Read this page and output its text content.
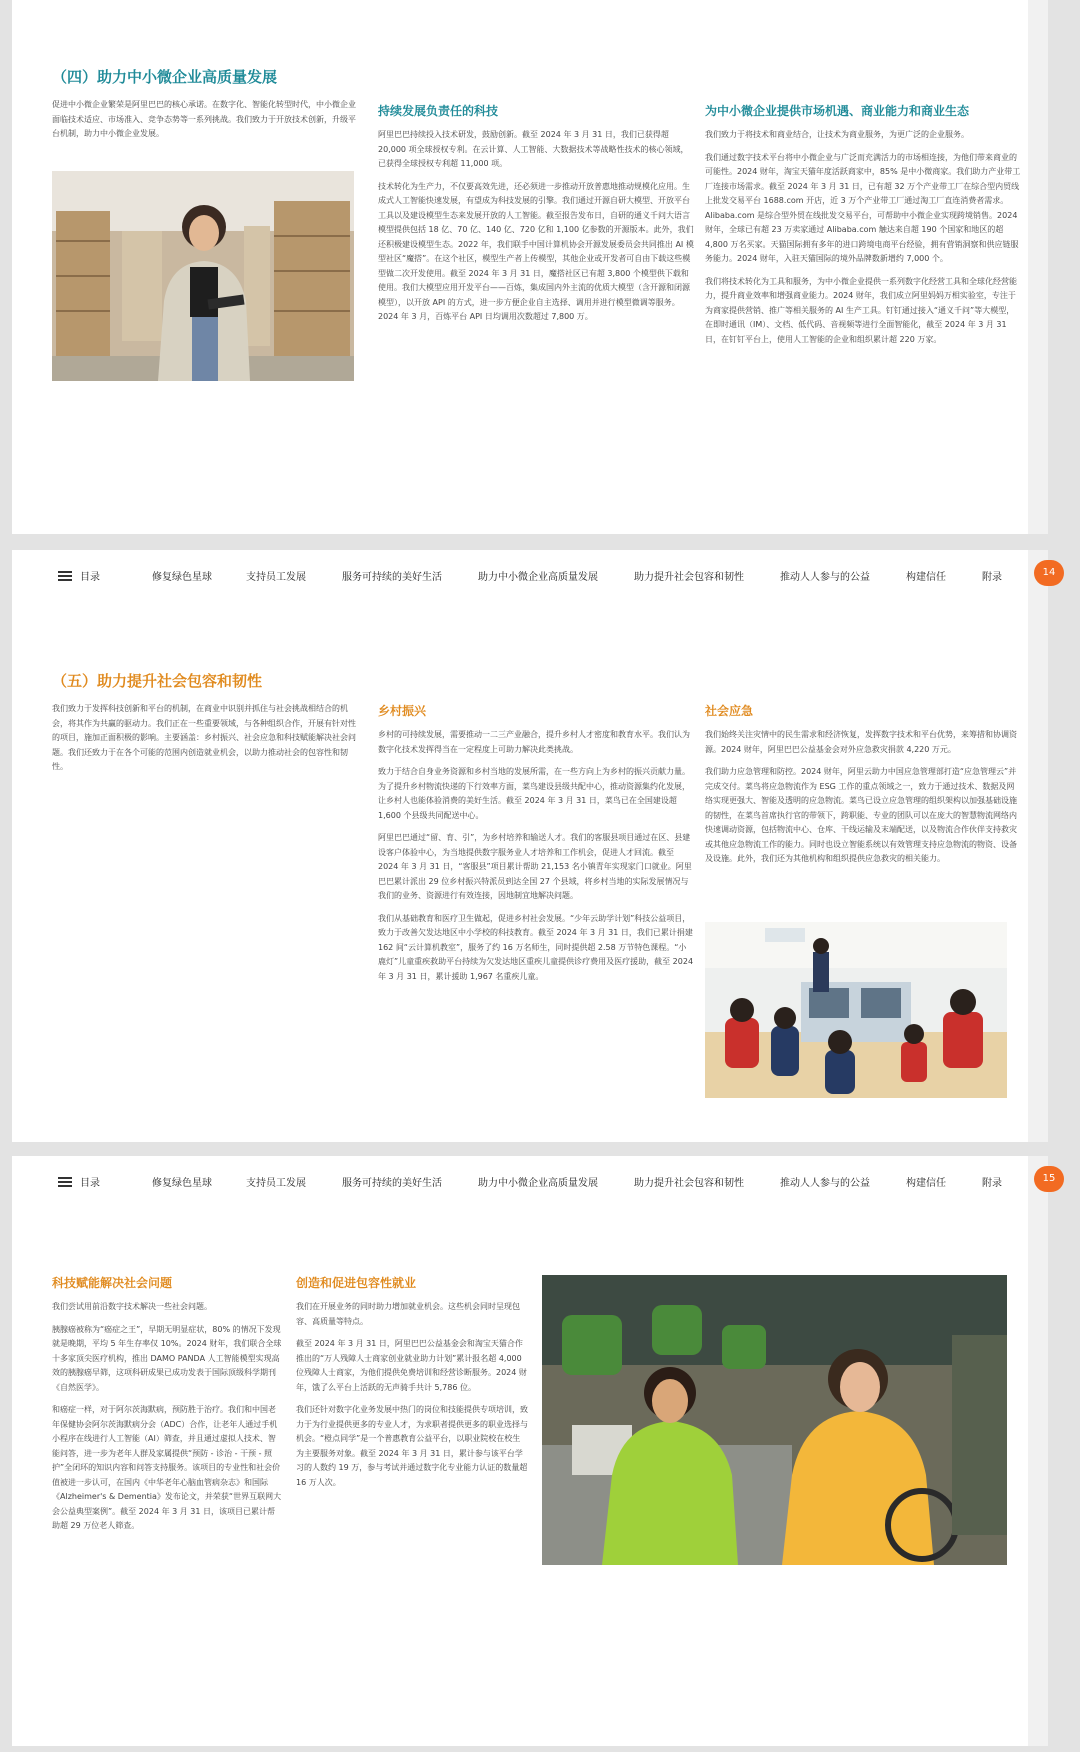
（四）助力中小微企业高质量发展

促进中小微企业繁荣是阿里巴巴的核心承诺。在数字化、智能化转型时代，中小微企业面临技术适应、市场准入、竞争态势等一系列挑战。我们致力于开放技术创新，升级平台机制，助力中小微企业发展。

持续发展负责任的科技

阿里巴巴持续投入技术研发，鼓励创新。截至 2024 年 3 月 31 日，我们已获得超 20,000 项全球授权专利。在云计算、人工智能、大数据技术等战略性技术的核心领域，已获得全球授权专利超 11,000 项。

技术转化为生产力，不仅要高效先进，还必须进一步推动开放普惠地推动规模化应用。生成式人工智能快速发展，有望成为科技发展的引擎。我们通过开源自研大模型、开放平台工具以及建设模型生态来发展开放的人工智能。截至报告发布日，自研的通义千问大语言模型提供包括 18 亿、70 亿、140 亿、720 亿和 1,100 亿参数的开源版本。此外，我们还积极建设模型生态。2022 年，我们联手中国计算机协会开源发展委员会共同推出 AI 模型社区“魔搭”。在这个社区，模型生产者上传模型，其他企业或开发者可自由下载这些模型做二次开发使用。截至 2024 年 3 月 31 日，魔搭社区已有超 3,800 个模型供下载和使用。我们大模型应用开发平台——百炼，集成国内外主流的优质大模型（含开源和闭源模型），以开放 API 的方式，进一步方便企业自主选择、调用并进行模型微调等服务。2024 年 3 月，百炼平台 API 日均调用次数超过 7,800 万。

为中小微企业提供市场机遇、商业能力和商业生态

我们致力于将技术和商业结合，让技术为商业服务，为更广泛的企业服务。

我们通过数字技术平台将中小微企业与广泛而充满活力的市场相连接，为他们带来商业的可能性。2024 财年，淘宝天猫年度活跃商家中，85% 是中小微商家。我们助力产业带工厂连接市场需求。截至 2024 年 3 月 31 日，已有超 32 万个产业带工厂在综合型内贸线上批发交易平台 1688.com 开店，近 3 万个产业带工厂通过淘工厂直连消费者需求。Alibaba.com 是综合型外贸在线批发交易平台，可帮助中小微企业实现跨境销售。2024 财年，全球已有超 23 万卖家通过 Alibaba.com 触达来自超 190 个国家和地区的超 4,800 万名买家。天猫国际拥有多年的进口跨境电商平台经验，拥有营销洞察和供应链服务能力。2024 财年，入驻天猫国际的境外品牌数新增约 7,000 个。

我们将技术转化为工具和服务，为中小微企业提供一系列数字化经营工具和全球化经营能力，提升商业效率和增强商业能力。2024 财年，我们成立阿里妈妈万相实验室，专注于为商家提供营销、推广等相关服务的 AI 生产工具。钉钉通过接入“通义千问”等大模型，在即时通讯（IM）、文档、低代码、音视频等进行全面智能化，截至 2024 年 3 月 31 日，在钉钉平台上，使用人工智能的企业和组织累计超 220 万家。

目录	修复绿色星球	支持员工发展	服务可持续的美好生活	助力中小微企业高质量发展	助力提升社会包容和韧性	推动人人参与的公益	构建信任	附录	14
（五）助力提升社会包容和韧性

我们致力于发挥科技创新和平台的机制，在商业中识别并抓住与社会挑战相结合的机会，将其作为共赢的驱动力。我们正在一些重要领域，与各种组织合作，开展有针对性的项目，施加正面积极的影响。主要涵盖：乡村振兴、社会应急和科技赋能解决社会问题。我们还致力于在各个可能的范围内创造就业机会，以助力推动社会的包容性和韧性。

乡村振兴

乡村的可持续发展，需要推动一二三产业融合，提升乡村人才密度和教育水平。我们认为数字化技术发挥得当在一定程度上可助力解决此类挑战。

致力于结合自身业务资源和乡村当地的发展所需，在一些方向上为乡村的振兴贡献力量。为了提升乡村物流快递的下行效率方面，菜鸟建设县级共配中心，推动资源集约化发展，让乡村人也能体验消费的美好生活。截至 2024 年 3 月 31 日，菜鸟已在全国建设超 1,600 个县级共同配送中心。

阿里巴巴通过“留、育、引”，为乡村培养和输送人才。我们的客服县项目通过在区、县建设客户体验中心，为当地提供数字服务业人才培养和工作机会，促进人才回流。截至 2024 年 3 月 31 日，“客服县”项目累计帮助 21,153 名小镇青年实现家门口就业。阿里巴巴累计派出 29 位乡村振兴特派员到达全国 27 个县域，将乡村当地的实际发展情况与我们的业务、资源进行有效连接，因地制宜地解决问题。

我们从基础教育和医疗卫生做起，促进乡村社会发展。“少年云助学计划”科技公益项目，致力于改善欠发达地区中小学校的科技教育。截至 2024 年 3 月 31 日，我们已累计捐建 162 间“云计算机教室”，服务了约 16 万名师生，同时提供超 2.58 万节特色课程。“小鹿灯”儿童重疾救助平台持续为欠发达地区重疾儿童提供诊疗费用及医疗援助，截至 2024 年 3 月 31 日，累计援助 1,967 名重疾儿童。

社会应急

我们始终关注灾情中的民生需求和经济恢复，发挥数字技术和平台优势，来筹措和协调资源。2024 财年，阿里巴巴公益基金会对外应急救灾捐款 4,220 万元。

我们助力应急管理和防控。2024 财年，阿里云助力中国应急管理部打造“应急管理云”并完成交付。菜鸟将应急物流作为 ESG 工作的重点领域之一，致力于通过技术、数据及网络实现更强大、智能及透明的应急物流。菜鸟已设立应急管理的组织架构以加强基础设施的韧性，在菜鸟首席执行官的带领下，跨职能、专业的团队可以在庞大的智慧物流网络内快速调动资源，包括物流中心、仓库、干线运输及末端配送，以及物流合作伙伴支持救灾或其他应急物流工作的能力。同时也设立智能系统以有效管理支持应急物流的物资、设备及设施。此外，我们还为其他机构和组织提供应急救灾的相关能力。

目录	修复绿色星球	支持员工发展	服务可持续的美好生活	助力中小微企业高质量发展	助力提升社会包容和韧性	推动人人参与的公益	构建信任	附录	15
科技赋能解决社会问题

我们尝试用前沿数字技术解决一些社会问题。

胰腺癌被称为“癌症之王”，早期无明显症状，80% 的情况下发现就是晚期，平均 5 年生存率仅 10%。2024 财年，我们联合全球十多家顶尖医疗机构，推出 DAMO PANDA 人工智能模型实现高效的胰腺癌早筛，这项科研成果已成功发表于国际顶级科学期刊《自然医学》。

和癌症一样，对于阿尔茨海默病，预防胜于治疗。我们和中国老年保健协会阿尔茨海默病分会（ADC）合作，让老年人通过手机小程序在线进行人工智能（AI）筛查，并且通过虚拟人技术、智能问答，进一步为老年人群及家属提供“预防 - 诊治 - 干预 - 照护”全闭环的知识内容和问答支持服务。该项目的专业性和社会价值被进一步认可，在国内《中华老年心脑血管病杂志》和国际《Alzheimer's & Dementia》发布论文，并荣获“世界互联网大会公益典型案例”。截至 2024 年 3 月 31 日，该项目已累计帮助超 29 万位老人筛查。

创造和促进包容性就业

我们在开展业务的同时助力增加就业机会。这些机会同时呈现包容、高质量等特点。

截至 2024 年 3 月 31 日，阿里巴巴公益基金会和淘宝天猫合作推出的“万人残障人士商家创业就业助力计划”累计报名超 4,000 位残障人士商家，为他们提供免费培训和经营诊断服务。2024 财年，饿了么平台上活跃的无声骑手共计 5,786 位。

我们还针对数字化业务发展中热门的岗位和技能提供专项培训，致力于为行业提供更多的专业人才，为求职者提供更多的职业选择与机会。“橙点同学”是一个普惠教育公益平台，以职业院校在校生为主要服务对象。截至 2024 年 3 月 31 日，累计参与该平台学习的人数约 19 万，参与考试并通过数字化专业能力认证的数量超 16 万人次。
